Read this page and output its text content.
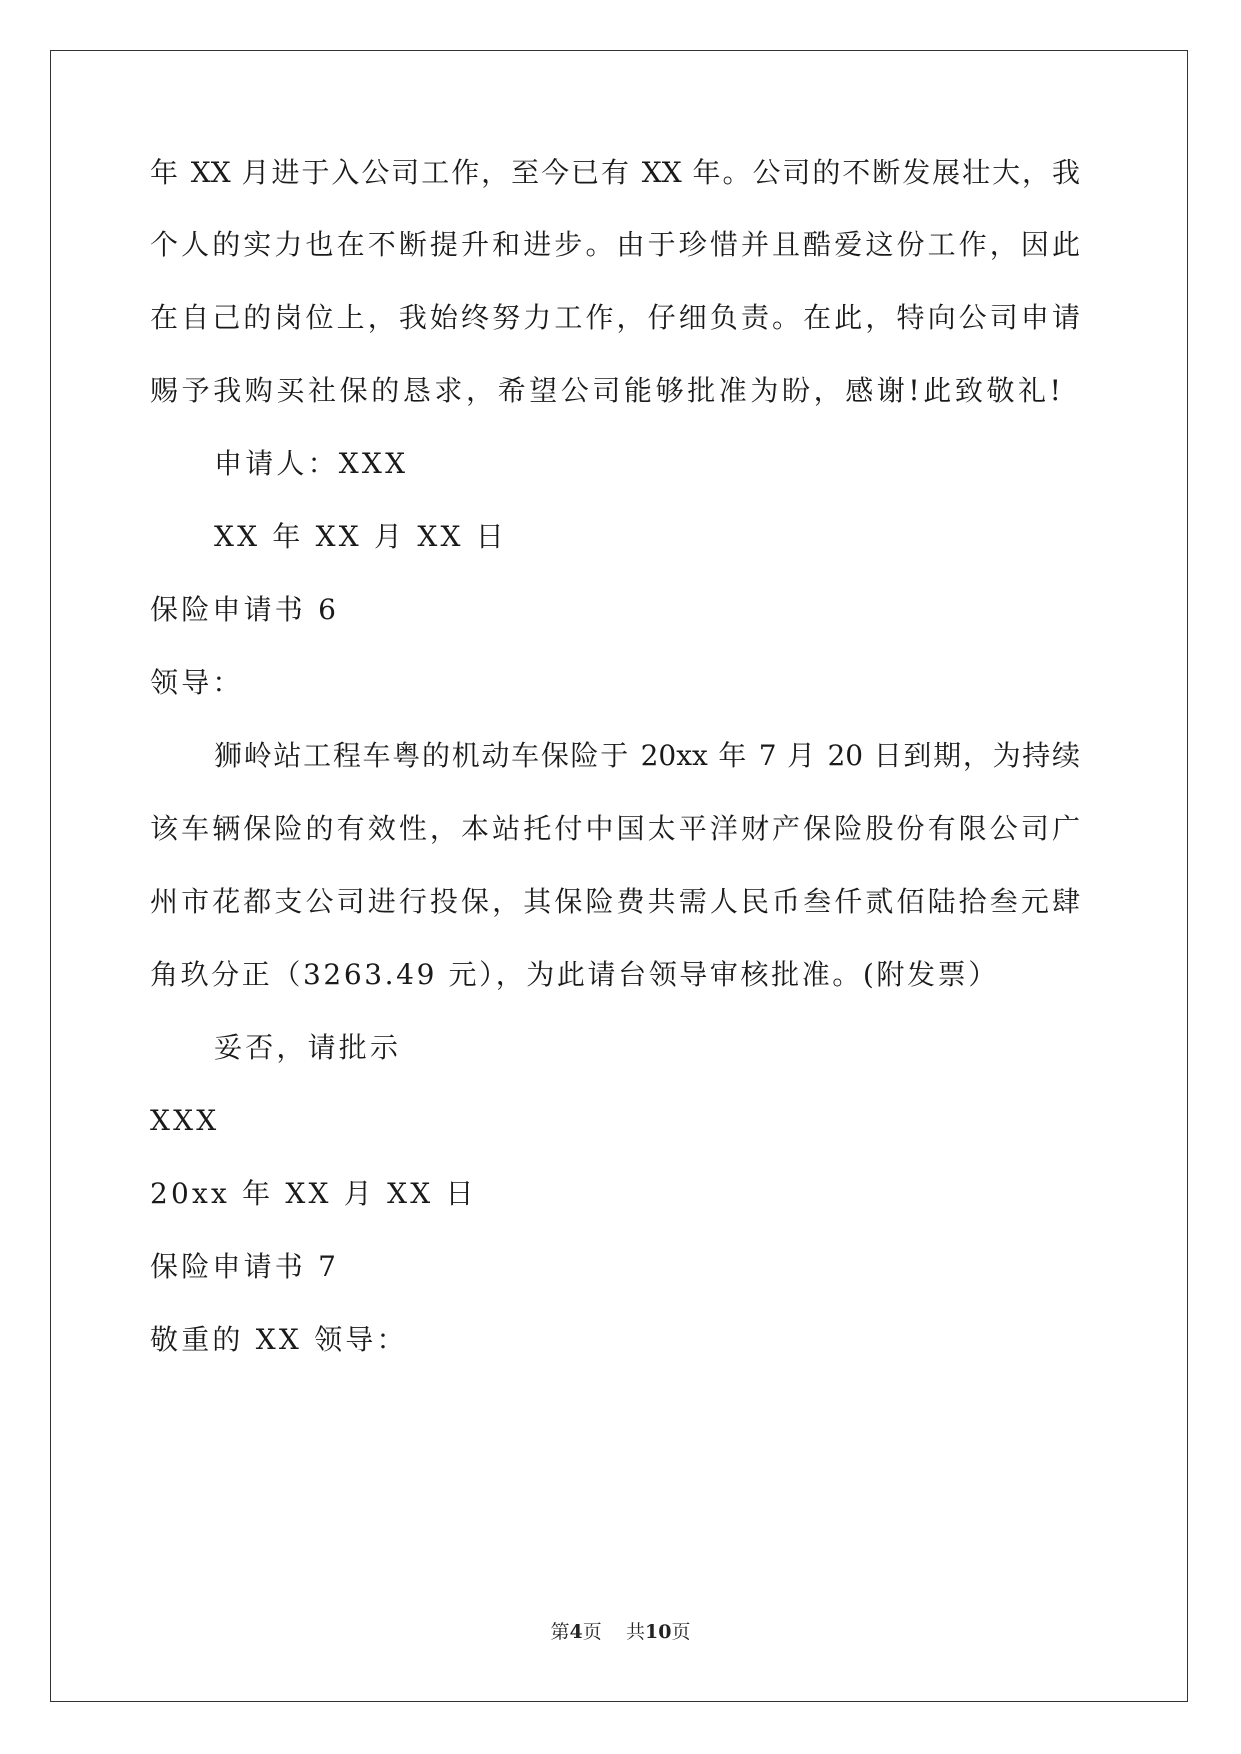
年 XX 月进于入公司工作，至今已有 XX 年。公司的不断发展壮大，我
个人的实力也在不断提升和进步。由于珍惜并且酷爱这份工作，因此
在自己的岗位上，我始终努力工作，仔细负责。在此，特向公司申请
赐予我购买社保的恳求，希望公司能够批准为盼，感谢!此致敬礼!
申请人：XXX
XX 年 XX 月 XX 日
保险申请书 6
领导：
狮岭站工程车粤的机动车保险于 20xx 年 7 月 20 日到期，为持续
该车辆保险的有效性，本站托付中国太平洋财产保险股份有限公司广
州市花都支公司进行投保，其保险费共需人民币叁仟贰佰陆拾叁元肆
角玖分正（3263.49 元），为此请台领导审核批准。(附发票）
妥否，请批示
XXX
20xx 年 XX 月 XX 日
保险申请书 7
敬重的 XX 领导：
第4页 共10页
